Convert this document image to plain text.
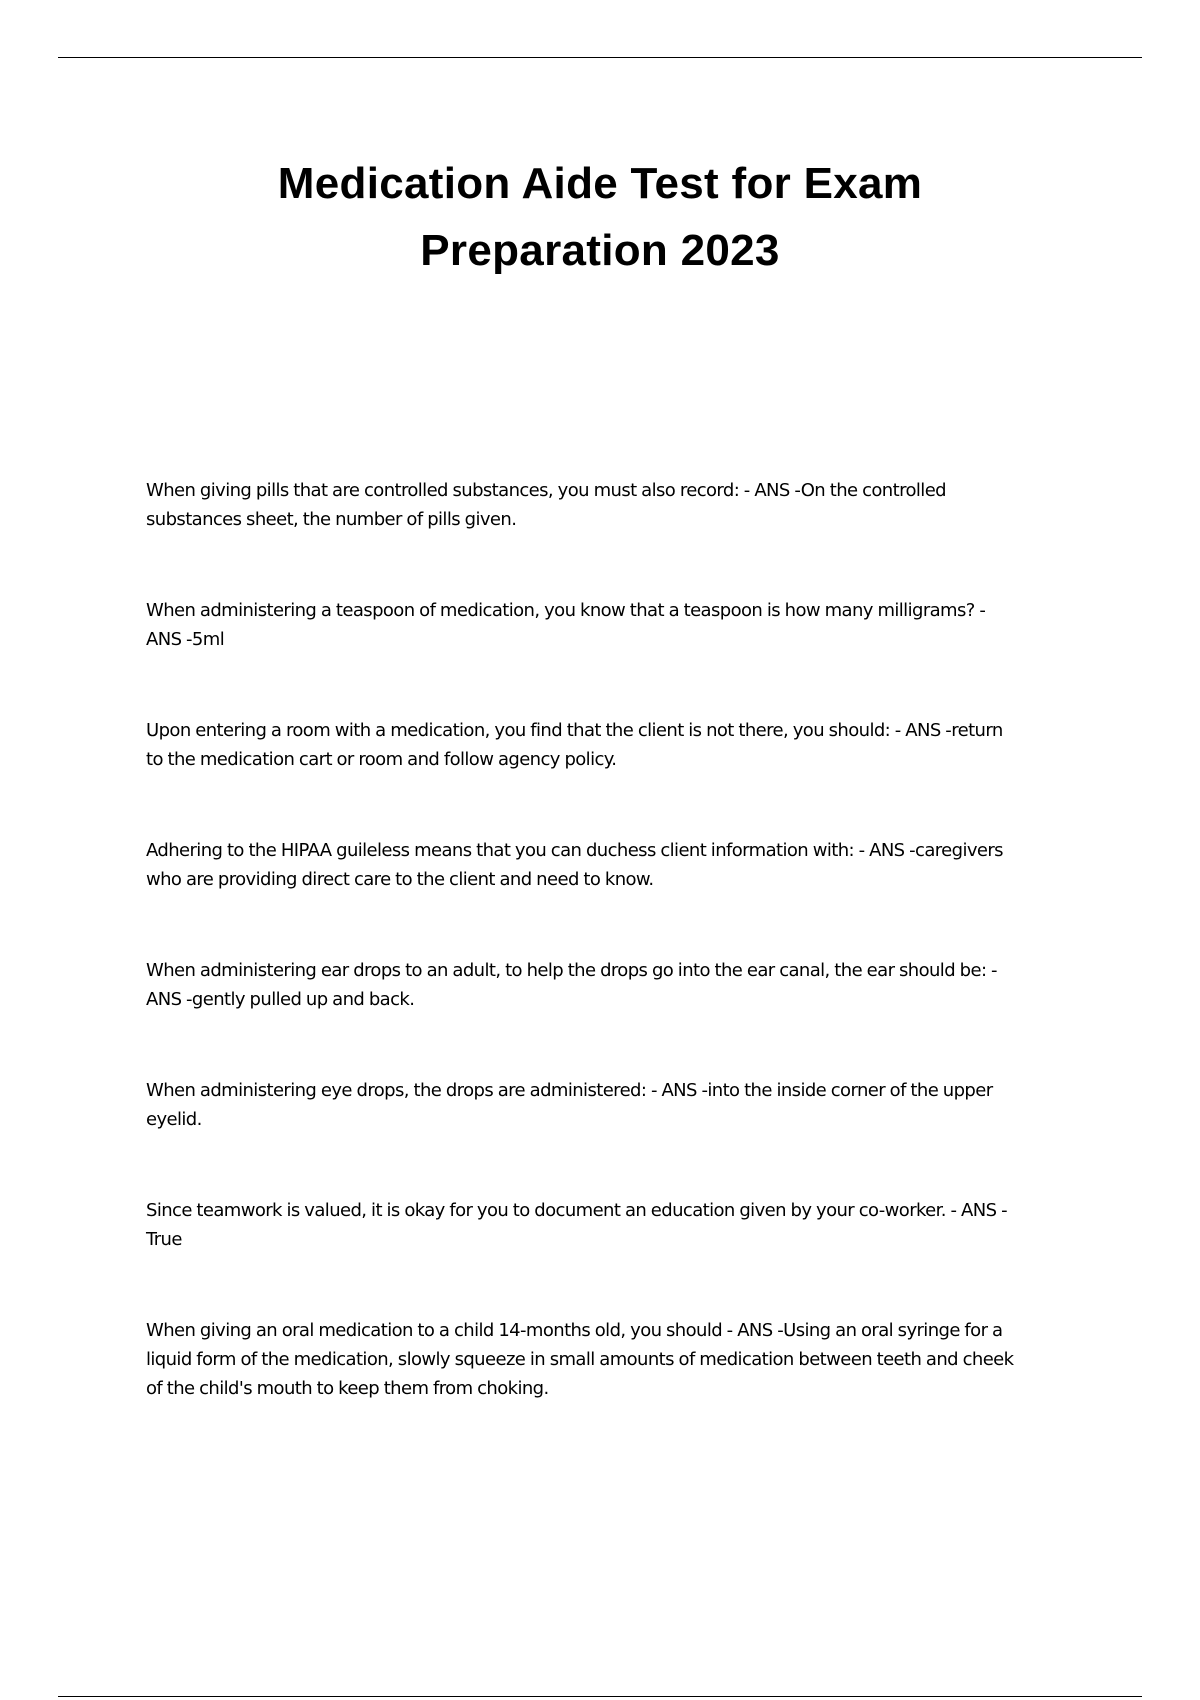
Medication Aide Test for Exam
Preparation 2023
When giving pills that are controlled substances, you must also record: - ANS -On the controlled
substances sheet, the number of pills given.
When administering a teaspoon of medication, you know that a teaspoon is how many milligrams? -
ANS -5ml
Upon entering a room with a medication, you find that the client is not there, you should: - ANS -return
to the medication cart or room and follow agency policy.
Adhering to the HIPAA guileless means that you can duchess client information with: - ANS -caregivers
who are providing direct care to the client and need to know.
When administering ear drops to an adult, to help the drops go into the ear canal, the ear should be: -
ANS -gently pulled up and back.
When administering eye drops, the drops are administered: - ANS -into the inside corner of the upper
eyelid.
Since teamwork is valued, it is okay for you to document an education given by your co-worker. - ANS -
True
When giving an oral medication to a child 14-months old, you should - ANS -Using an oral syringe for a
liquid form of the medication, slowly squeeze in small amounts of medication between teeth and cheek
of the child's mouth to keep them from choking.
